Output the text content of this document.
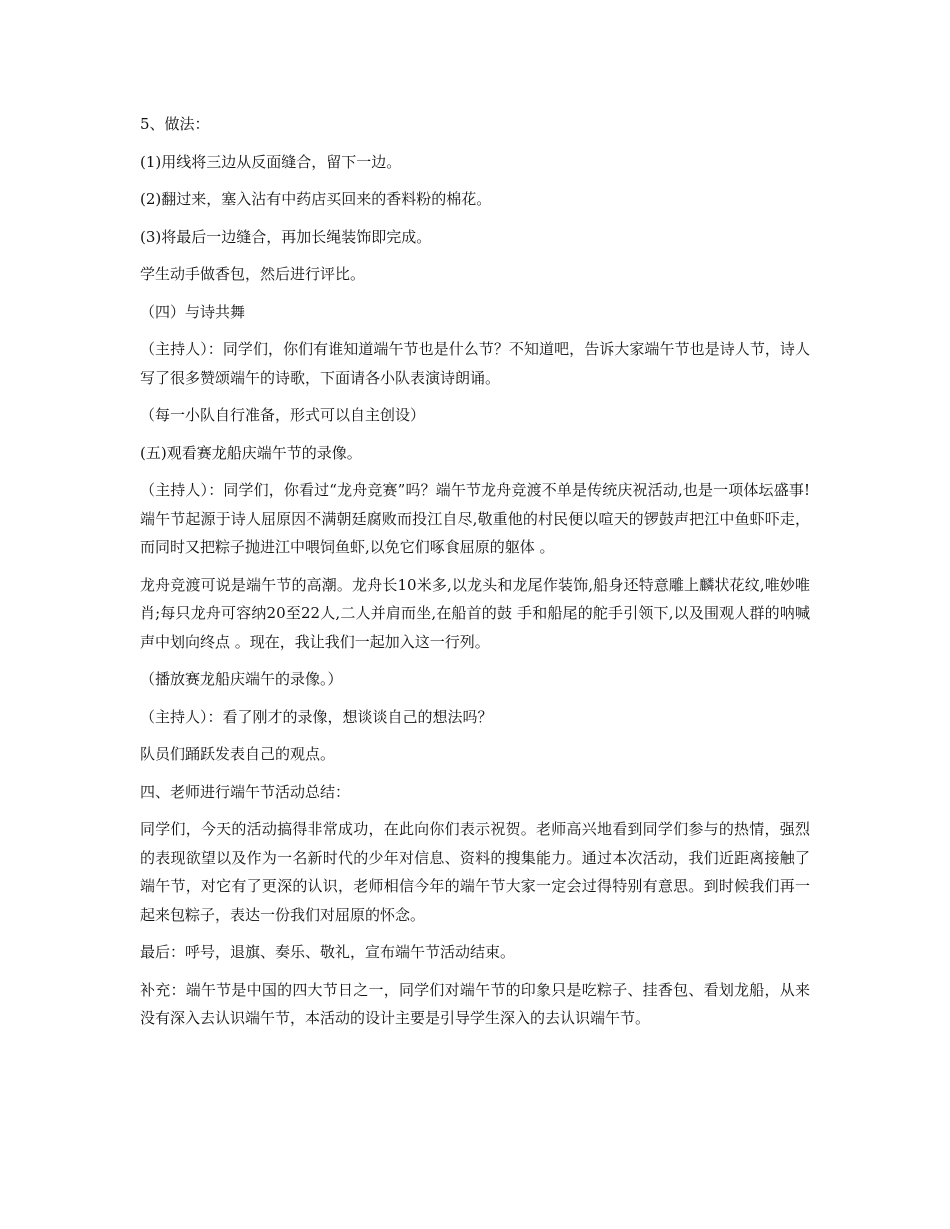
5、做法：

(1)用线将三边从反面缝合，留下一边。

(2)翻过来，塞入沾有中药店买回来的香料粉的棉花。

(3)将最后一边缝合，再加长绳装饰即完成。

学生动手做香包，然后进行评比。

（四）与诗共舞

（主持人）：同学们，你们有谁知道端午节也是什么节？不知道吧，告诉大家端午节也是诗人节，诗人写了很多赞颂端午的诗歌，下面请各小队表演诗朗诵。

（每一小队自行准备，形式可以自主创设）

(五)观看赛龙船庆端午节的录像。

（主持人）：同学们，你看过“龙舟竞赛”吗？端午节龙舟竞渡不单是传统庆祝活动,也是一项体坛盛事!端午节起源于诗人屈原因不满朝廷腐败而投江自尽,敬重他的村民便以喧天的锣鼓声把江中鱼虾吓走，而同时又把粽子抛进江中喂饲鱼虾,以免它们啄食屈原的躯体 。

龙舟竞渡可说是端午节的高潮。龙舟长10米多,以龙头和龙尾作装饰,船身还特意雕上麟状花纹,唯妙唯肖;每只龙舟可容纳20至22人,二人并肩而坐,在船首的鼓 手和船尾的舵手引领下,以及围观人群的呐喊声中划向终点 。现在，我让我们一起加入这一行列。

（播放赛龙船庆端午的录像。）

（主持人）：看了刚才的录像，想谈谈自己的想法吗？

队员们踊跃发表自己的观点。

四、老师进行端午节活动总结：

同学们，今天的活动搞得非常成功，在此向你们表示祝贺。老师高兴地看到同学们参与的热情，强烈的表现欲望以及作为一名新时代的少年对信息、资料的搜集能力。通过本次活动，我们近距离接触了端午节，对它有了更深的认识，老师相信今年的端午节大家一定会过得特别有意思。到时候我们再一起来包粽子，表达一份我们对屈原的怀念。

最后：呼号，退旗、奏乐、敬礼，宣布端午节活动结束。

补充：端午节是中国的四大节日之一，同学们对端午节的印象只是吃粽子、挂香包、看划龙船，从来没有深入去认识端午节，本活动的设计主要是引导学生深入的去认识端午节。
